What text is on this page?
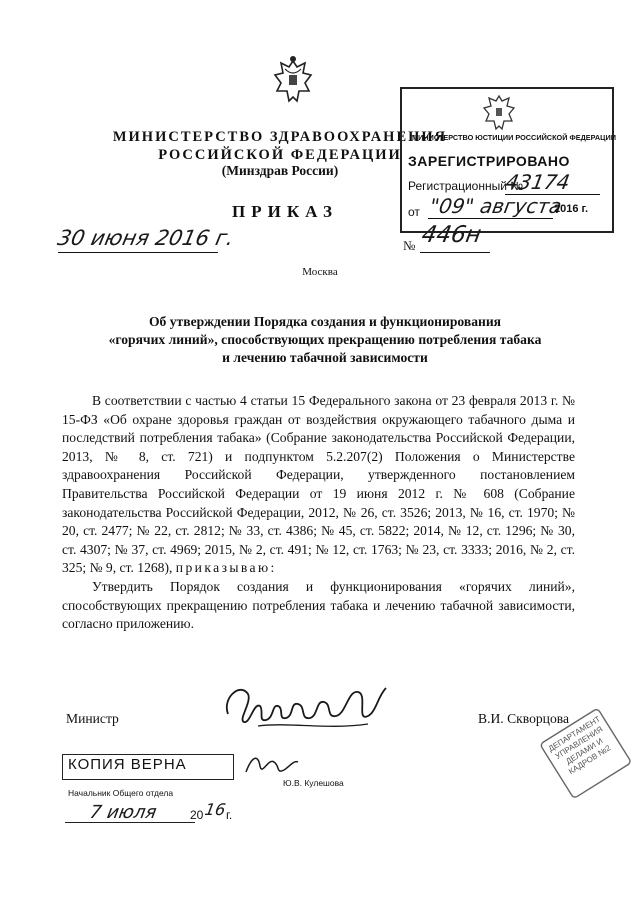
МИНИСТЕРСТВО ЗДРАВООХРАНЕНИЯ
РОССИЙСКОЙ ФЕДЕРАЦИИ
(Минздрав России)
МИНИСТЕРСТВО ЮСТИЦИИ РОССИЙСКОЙ ФЕДЕРАЦИИ
ЗАРЕГИСТРИРОВАНО
Регистрационный №
43174
от "09" августа
2016 г.
ПРИКАЗ
30 июня 2016 г.	№ 446н
Москва
Об утверждении Порядка создания и функционирования
«горячих линий», способствующих прекращению потребления табака
и лечению табачной зависимости

В соответствии с частью 4 статьи 15 Федерального закона от 23 февраля 2013 г. № 15-ФЗ «Об охране здоровья граждан от воздействия окружающего табачного дыма и последствий потребления табака» (Собрание законодательства Российской Федерации, 2013, № 8, ст. 721) и подпунктом 5.2.207(2) Положения о Министерстве здравоохранения Российской Федерации, утвержденного постановлением Правительства Российской Федерации от 19 июня 2012 г. № 608 (Собрание законодательства Российской Федерации, 2012, № 26, ст. 3526; 2013, № 16, ст. 1970; № 20, ст. 2477; № 22, ст. 2812; № 33, ст. 4386; № 45, ст. 5822; 2014, № 12, ст. 1296; № 30, ст. 4307; № 37, ст. 4969; 2015, № 2, ст. 491; № 12, ст. 1763; № 23, ст. 3333; 2016, № 2, ст. 325; № 9, ст. 1268), приказываю:

Утвердить Порядок создания и функционирования «горячих линий», способствующих прекращению потребления табака и лечению табачной зависимости, согласно приложению.

Министр	В.И. Скворцова
ДЕПАРТАМЕНТ УПРАВЛЕНИЯ ДЕЛАМИ И КАДРОВ №2
КОПИЯ ВЕРНА
Начальник Общего отдела
Ю.В. Кулешова
7 июля	20 16
г.
